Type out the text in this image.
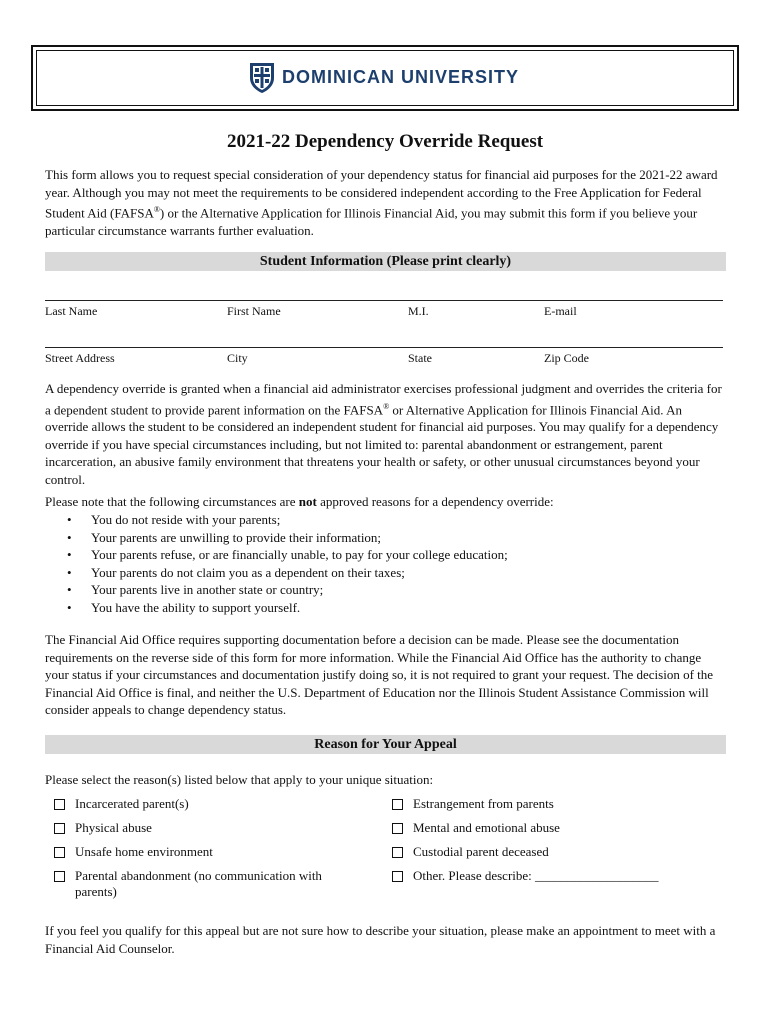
DOMINICAN UNIVERSITY
2021-22 Dependency Override Request
This form allows you to request special consideration of your dependency status for financial aid purposes for the 2021-22 award year. Although you may not meet the requirements to be considered independent according to the Free Application for Federal Student Aid (FAFSA®) or the Alternative Application for Illinois Financial Aid, you may submit this form if you believe your particular circumstance warrants further evaluation.
Student Information (Please print clearly)
Last Name	First Name	M.I.	E-mail
Street Address	City	State	Zip Code
A dependency override is granted when a financial aid administrator exercises professional judgment and overrides the criteria for a dependent student to provide parent information on the FAFSA® or Alternative Application for Illinois Financial Aid. An override allows the student to be considered an independent student for financial aid purposes. You may qualify for a dependency override if you have special circumstances including, but not limited to: parental abandonment or estrangement, parent incarceration, an abusive family environment that threatens your health or safety, or other unusual circumstances beyond your control.
Please note that the following circumstances are not approved reasons for a dependency override:
• You do not reside with your parents;
• Your parents are unwilling to provide their information;
• Your parents refuse, or are financially unable, to pay for your college education;
• Your parents do not claim you as a dependent on their taxes;
• Your parents live in another state or country;
• You have the ability to support yourself.
The Financial Aid Office requires supporting documentation before a decision can be made. Please see the documentation requirements on the reverse side of this form for more information. While the Financial Aid Office has the authority to change your status if your circumstances and documentation justify doing so, it is not required to grant your request. The decision of the Financial Aid Office is final, and neither the U.S. Department of Education nor the Illinois Student Assistance Commission will consider appeals to change dependency status.
Reason for Your Appeal
Please select the reason(s) listed below that apply to your unique situation:
Incarcerated parent(s)
Physical abuse
Unsafe home environment
Parental abandonment (no communication with parents)
Estrangement from parents
Mental and emotional abuse
Custodial parent deceased
Other. Please describe: ___________________
If you feel you qualify for this appeal but are not sure how to describe your situation, please make an appointment to meet with a Financial Aid Counselor.
